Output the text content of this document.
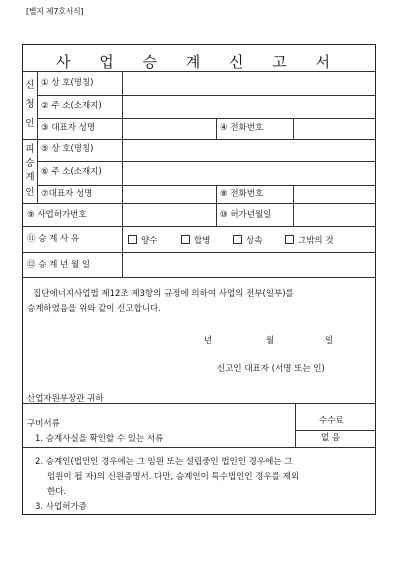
[별지 제7호서식]
사 업 승 계 신 고 서
신
청
인
피
승
계
인
① 상 호(명칭)
② 주 소(소재지)
③ 대표자 성명	④ 전화번호
⑤ 상 호(명칭)
⑥ 주 소(소재지)
⑦대표자 성명	⑧ 전화번호
⑨ 사업허가번호	⑩ 허가년월일
⑪ 승 계 사 유	양수	합병	상속	그밖의 것
⑫ 승 계 년 월 일
집단에너지사업법 제12조 제3항의 규정에 의하여 사업의 전부(일부)를
승계하였음을 위와 같이 신고합니다.
년	월	일
신고인 대표자 (서명 또는 인)
산업자원부장관 귀하
구비서류
1. 승계사실을 확인할 수 있는 서류
수수료
없 음
2. 승계인(법인인 경우에는 그 임원 또는 설립중인 법인인 경우에는 그
임원이 될 자)의 신원증명서. 다만, 승계인이 특수법인인 경우를 제외
한다.
3. 사업허가증
